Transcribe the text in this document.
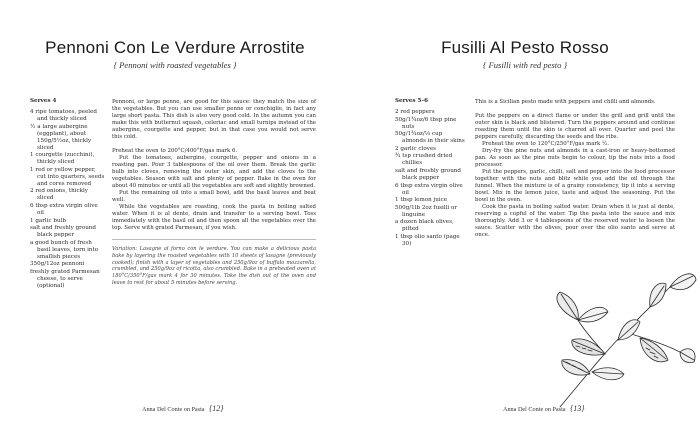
Pennoni Con Le Verdure Arrostite
{ Pennoni with roasted vegetables }
Serves 4
4 ripe tomatoes, peeled and thickly sliced
½ a large aubergine (eggplant), about 150g/5½oz, thickly sliced
1 courgette (zucchini), thickly sliced
1 red or yellow pepper, cut into quarters, seeds and cores removed
2 red onions, thickly sliced
6 tbsp extra virgin olive oil
1 garlic bulb
salt and freshly ground black pepper
a good bunch of fresh basil leaves, torn into smallish pieces
350g/12oz pennoni
freshly grated Parmesan cheese, to serve (optional)

Pennoni, or large penne, are good for this sauce: they match the size of the vegetables. But you can use smaller penne or conchiglie, in fact any large short pasta. This dish is also very good cold. In the autumn you can make this with butternut squash, celeriac and small turnips instead of the aubergine, courgette and pepper, but in that case you would not serve this cold.

Preheat the oven to 200°C/400°F/gas mark 6.

Put the tomatoes, aubergine, courgette, pepper and onions in a roasting pan. Pour 3 tablespoons of the oil over them. Break the garlic bulb into cloves, removing the outer skin, and add the cloves to the vegetables. Season with salt and plenty of pepper. Bake in the oven for about 40 minutes or until all the vegetables are soft and slightly browned.

Put the remaining oil into a small bowl, add the basil leaves and beat well.

While the vegetables are roasting, cook the pasta in boiling salted water. When it is al dente, drain and transfer to a serving bowl. Toss immediately with the basil oil and then spoon all the vegetables over the top. Serve with grated Parmesan, if you wish.

Variation: Lasagne al forno con le verdure. You can make a delicious pasta bake by layering the roasted vegetables with 10 sheets of lasagne (previously cooked); finish with a layer of vegetables and 250g/9oz of buffalo mozzarella, crumbled, and 250g/9oz of ricotta, also crumbled. Bake in a preheated oven at 180°C/350°F/gas mark 4 for 30 minutes. Take the dish out of the oven and leave to rest for about 5 minutes before serving.
Anna Del Conte on Pasta {12}
Fusilli Al Pesto Rosso
{ Fusilli with red pesto }
Serves 5–6
2 red peppers
50g/1¾oz/6 tbsp pine nuts
50g/1¾oz/⅓ cup almonds in their skins
2 garlic cloves
¾ tsp crushed dried chillies
salt and freshly ground black pepper
6 tbsp extra virgin olive oil
1 tbsp lemon juice
500g/1lb 2oz fusilli or linguine
a dozen black olives, pitted
1 tbsp olio santo (page 30)

This is a Sicilian pesto made with peppers and chilli and almonds.

Put the peppers on a direct flame or under the grill and grill until the outer skin is black and blistered. Turn the peppers around and continue roasting them until the skin is charred all over. Quarter and peel the peppers carefully, discarding the seeds and the ribs.

Preheat the oven to 120°C/250°F/gas mark ½.

Dry-fry the pine nuts and almonds in a cast-iron or heavy-bottomed pan. As soon as the pine nuts begin to colour, tip the nuts into a food processor.

Put the peppers, garlic, chilli, salt and pepper into the food processor together with the nuts and blitz while you add the oil through the funnel. When the mixture is of a grainy consistency, tip it into a serving bowl. Mix in the lemon juice, taste and adjust the seasoning. Put the bowl in the oven.

Cook the pasta in boiling salted water. Drain when it is just al dente, reserving a cupful of the water. Tip the pasta into the sauce and mix thoroughly. Add 3 or 4 tablespoons of the reserved water to loosen the sauce. Scatter with the olives, pour over the olio santo and serve at once.

Anna Del Conte on Pasta {13}
